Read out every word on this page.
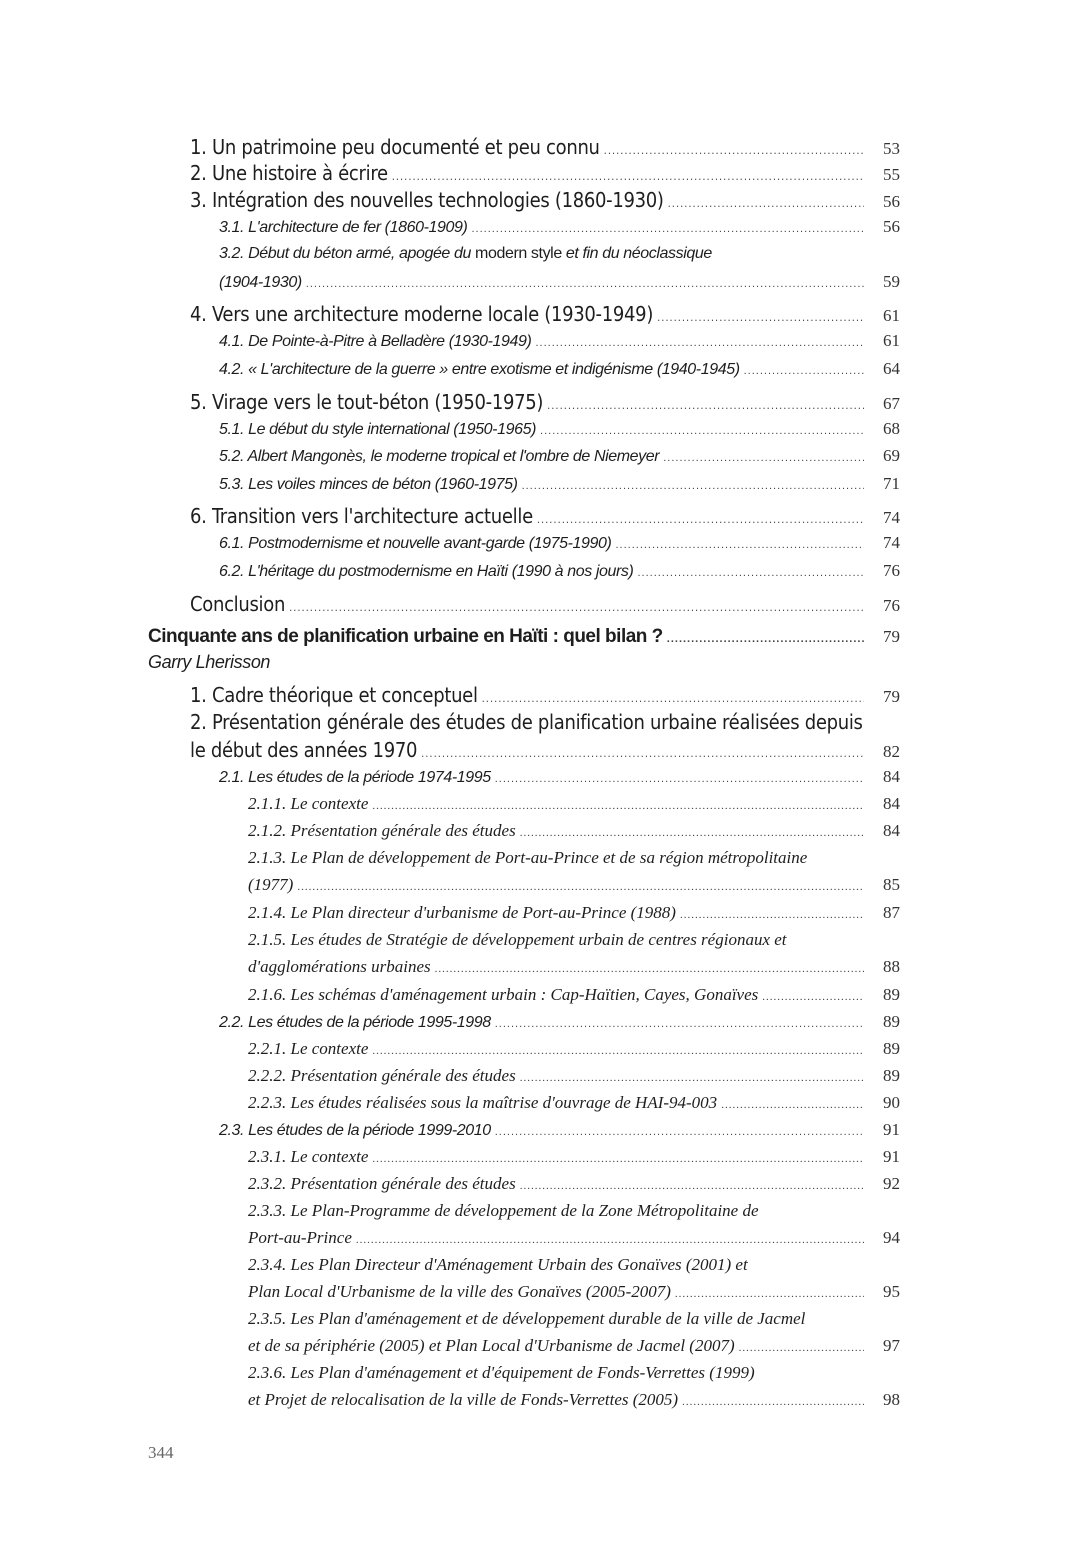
1. Un patrimoine peu documenté et peu connu .....	53
2. Une histoire à écrire .....	55
3. Intégration des nouvelles technologies (1860-1930) .....	56
3.1. L'architecture de fer (1860-1909) .....	56
3.2. Début du béton armé, apogée du modern style et fin du néoclassique
(1904-1930) .....	59
4. Vers une architecture moderne locale (1930-1949) .....	61
4.1. De Pointe-à-Pitre à Belladère (1930-1949) .....	61
4.2. « L'architecture de la guerre » entre exotisme et indigénisme (1940-1945) .....	64
5. Virage vers le tout-béton (1950-1975) .....	67
5.1. Le début du style international (1950-1965) .....	68
5.2. Albert Mangonès, le moderne tropical et l'ombre de Niemeyer .....	69
5.3. Les voiles minces de béton (1960-1975) .....	71
6. Transition vers l'architecture actuelle .....	74
6.1. Postmodernisme et nouvelle avant-garde (1975-1990) .....	74
6.2. L'héritage du postmodernisme en Haïti (1990 à nos jours) .....	76
Conclusion .....	76
Cinquante ans de planification urbaine en Haïti : quel bilan ? .....	79
Garry Lherisson
1. Cadre théorique et conceptuel .....	79
2. Présentation générale des études de planification urbaine réalisées depuis
le début des années 1970 .....	82
2.1. Les études de la période 1974-1995 .....	84
2.1.1. Le contexte .....	84
2.1.2. Présentation générale des études .....	84
2.1.3. Le Plan de développement de Port-au-Prince et de sa région métropolitaine
(1977) .....	85
2.1.4. Le Plan directeur d'urbanisme de Port-au-Prince (1988) .....	87
2.1.5. Les études de Stratégie de développement urbain de centres régionaux et
d'agglomérations urbaines .....	88
2.1.6. Les schémas d'aménagement urbain : Cap-Haïtien, Cayes, Gonaïves .....	89
2.2. Les études de la période 1995-1998 .....	89
2.2.1. Le contexte .....	89
2.2.2. Présentation générale des études .....	89
2.2.3. Les études réalisées sous la maîtrise d'ouvrage de HAI-94-003 .....	90
2.3. Les études de la période 1999-2010 .....	91
2.3.1. Le contexte .....	91
2.3.2. Présentation générale des études .....	92
2.3.3. Le Plan-Programme de développement de la Zone Métropolitaine de
Port-au-Prince .....	94
2.3.4. Les Plan Directeur d'Aménagement Urbain des Gonaïves (2001) et
Plan Local d'Urbanisme de la ville des Gonaïves (2005-2007) .....	95
2.3.5. Les Plan d'aménagement et de développement durable de la ville de Jacmel
et de sa périphérie (2005) et Plan Local d'Urbanisme de Jacmel (2007) .....	97
2.3.6. Les Plan d'aménagement et d'équipement de Fonds-Verrettes (1999)
et Projet de relocalisation de la ville de Fonds-Verrettes (2005) .....	98
344
